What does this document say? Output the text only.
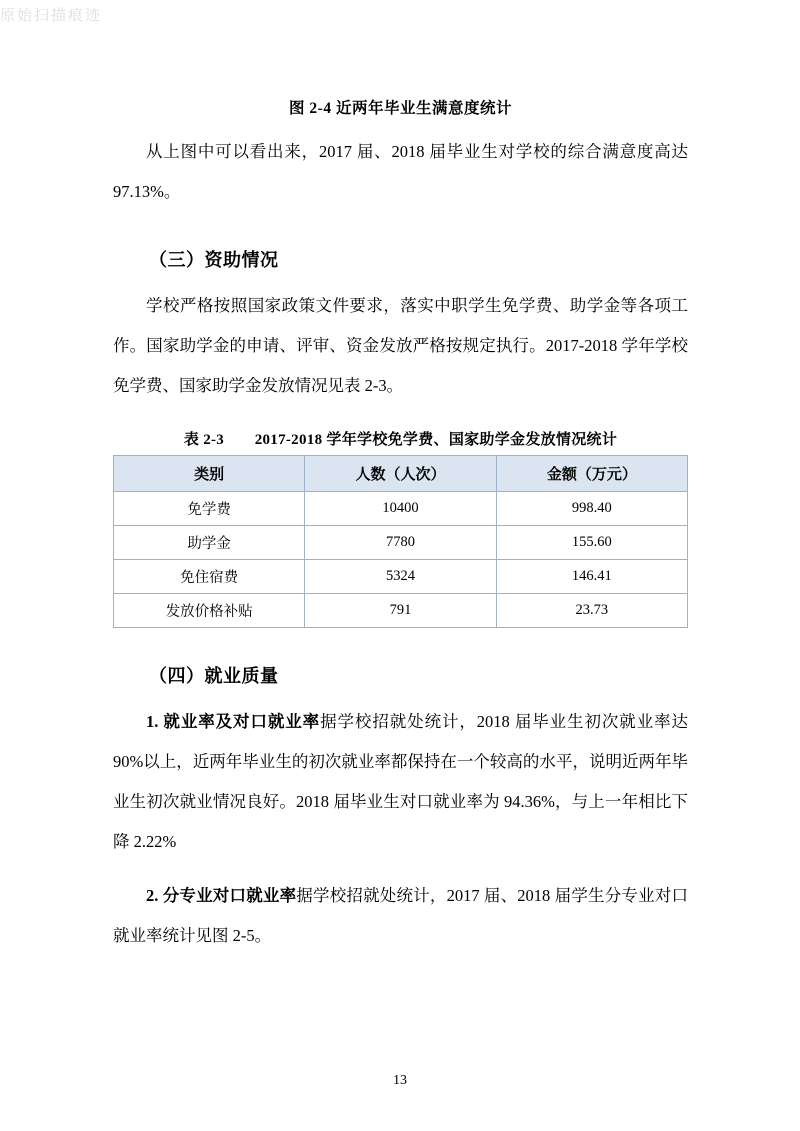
原始扫描痕迹
图 2-4 近两年毕业生满意度统计

从上图中可以看出来，2017 届、2018 届毕业生对学校的综合满意度高达 97.13%。

（三）资助情况

学校严格按照国家政策文件要求，落实中职学生免学费、助学金等各项工作。国家助学金的申请、评审、资金发放严格按规定执行。2017-2018 学年学校免学费、国家助学金发放情况见表 2-3。

表 2-3　　2017-2018 学年学校免学费、国家助学金发放情况统计
类别	人数（人次）	金额（万元）
免学费	10400	998.40
助学金	7780	155.60
免住宿费	5324	146.41
发放价格补贴	791	23.73
（四）就业质量

1. 就业率及对口就业率据学校招就处统计，2018 届毕业生初次就业率达 90%以上，近两年毕业生的初次就业率都保持在一个较高的水平，说明近两年毕业生初次就业情况良好。2018 届毕业生对口就业率为 94.36%，与上一年相比下降 2.22%

2. 分专业对口就业率据学校招就处统计，2017 届、2018 届学生分专业对口就业率统计见图 2-5。

13
